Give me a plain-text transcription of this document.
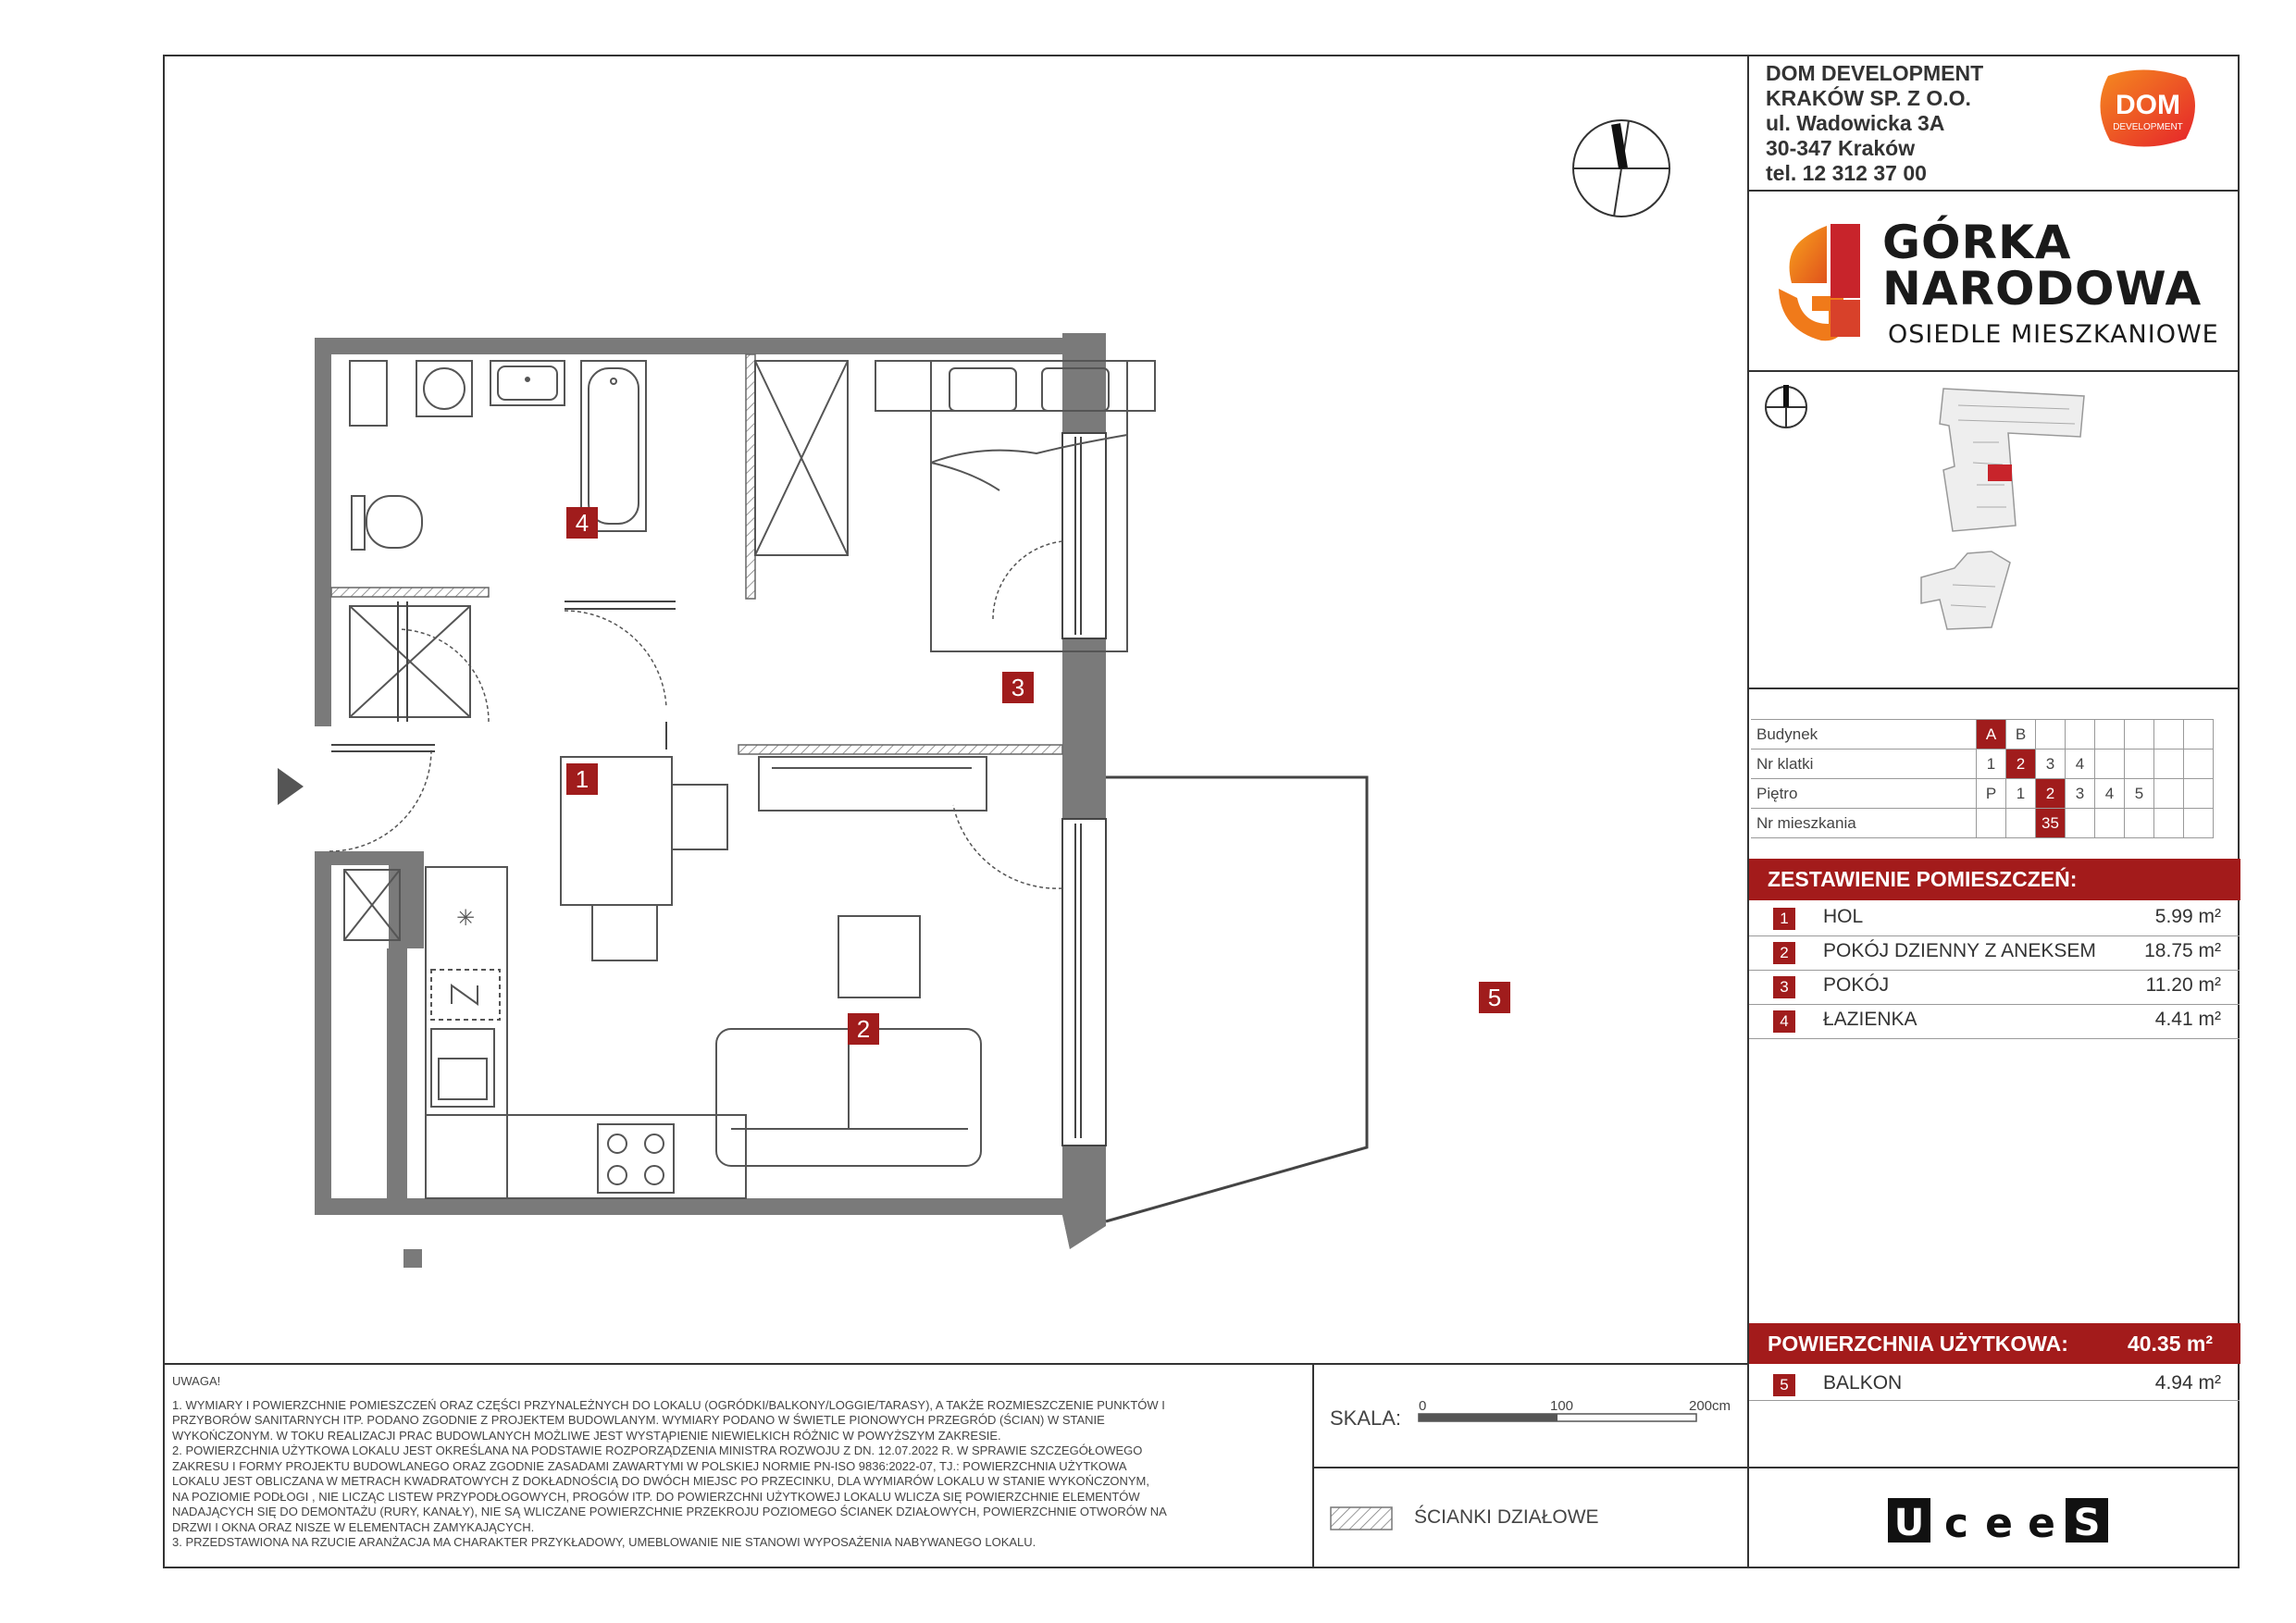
DOM DEVELOPMENT
KRAKÓW SP. Z O.O.
ul. Wadowicka 3A
30-347 Kraków
tel. 12 312 37 00
DOM
DEVELOPMENT
GÓRKA
NARODOWA
OSIEDLE MIESZKANIOWE
Budynek	A	B						
Nr klatki	1	2	3	4				
Piętro	P	1	2	3	4	5		
Nr mieszkania			35					
ZESTAWIENIE POMIESZCZEŃ:
1	HOL	5.99 m²
2	POKÓJ DZIENNY Z ANEKSEM 18.75 m²
3	POKÓJ	11.20 m²
4	ŁAZIENKA	4.41 m²
POWIERZCHNIA UŻYTKOWA:	40.35 m²
5	BALKON	4.94 m²
UWAGA!
1. WYMIARY I POWIERZCHNIE POMIESZCZEŃ ORAZ CZĘŚCI PRZYNALEŻNYCH DO LOKALU (OGRÓDKI/BALKONY/LOGGIE/TARASY), A TAKŻE ROZMIESZCZENIE PUNKTÓW I
PRZYBORÓW SANITARNYCH ITP. PODANO ZGODNIE Z PROJEKTEM BUDOWLANYM. WYMIARY PODANO W ŚWIETLE PIONOWYCH PRZEGRÓD (ŚCIAN) W STANIE
WYKOŃCZONYM. W TOKU REALIZACJI PRAC BUDOWLANYCH MOŻLIWE JEST WYSTĄPIENIE NIEWIELKICH RÓŻNIC W POWYŻSZYM ZAKRESIE.
2. POWIERZCHNIA UŻYTKOWA LOKALU JEST OKREŚLANA NA PODSTAWIE ROZPORZĄDZENIA MINISTRA ROZWOJU Z DN. 12.07.2022 R. W SPRAWIE SZCZEGÓŁOWEGO
ZAKRESU I FORMY PROJEKTU BUDOWLANEGO ORAZ ZGODNIE ZASADAMI ZAWARTYMI W POLSKIEJ NORMIE PN-ISO 9836:2022-07, TJ.: POWIERZCHNIA UŻYTKOWA
LOKALU JEST OBLICZANA W METRACH KWADRATOWYCH Z DOKŁADNOŚCIĄ DO DWÓCH MIEJSC PO PRZECINKU, DLA WYMIARÓW LOKALU W STANIE WYKOŃCZONYM,
NA POZIOMIE PODŁOGI , NIE LICZĄC LISTEW PRZYPODŁOGOWYCH, PROGÓW ITP. DO POWIERZCHNI UŻYTKOWEJ LOKALU WLICZA SIĘ POWIERZCHNIE ELEMENTÓW
NADAJĄCYCH SIĘ DO DEMONTAŻU (RURY, KANAŁY), NIE SĄ WLICZANE POWIERZCHNIE PRZEKROJU POZIOMEGO ŚCIANEK DZIAŁOWYCH, POWIERZCHNIE OTWORÓW NA
DRZWI I OKNA ORAZ NISZE W ELEMENTACH ZAMYKAJĄCYCH.
3. PRZEDSTAWIONA NA RZUCIE ARANŻACJA MA CHARAKTER PRZYKŁADOWY, UMEBLOWANIE NIE STANOWI WYPOSAŻENIA NABYWANEGO LOKALU.
SKALA:
0	100	200cm
ŚCIANKI DZIAŁOWE	U c e e S
✳
1
2
3
4
5
